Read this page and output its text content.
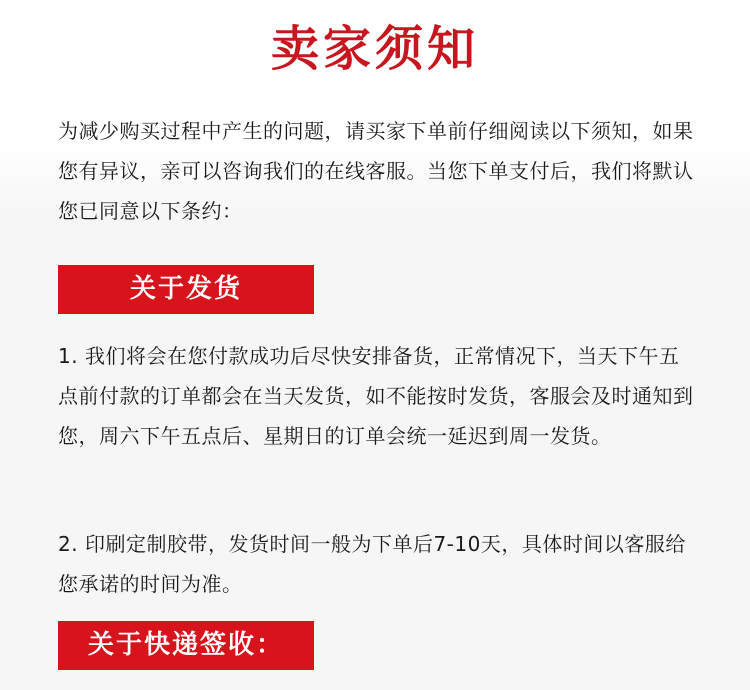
卖家须知

为减少购买过程中产生的问题，请买家下单前仔细阅读以下须知，如果您有异议，亲可以咨询我们的在线客服。当您下单支付后，我们将默认您已同意以下条约：

关于发货

1. 我们将会在您付款成功后尽快安排备货，正常情况下，当天下午五点前付款的订单都会在当天发货，如不能按时发货，客服会及时通知到您，周六下午五点后、星期日的订单会统一延迟到周一发货。

2. 印刷定制胶带，发货时间一般为下单后7-10天，具体时间以客服给您承诺的时间为准。

关于快递签收：
